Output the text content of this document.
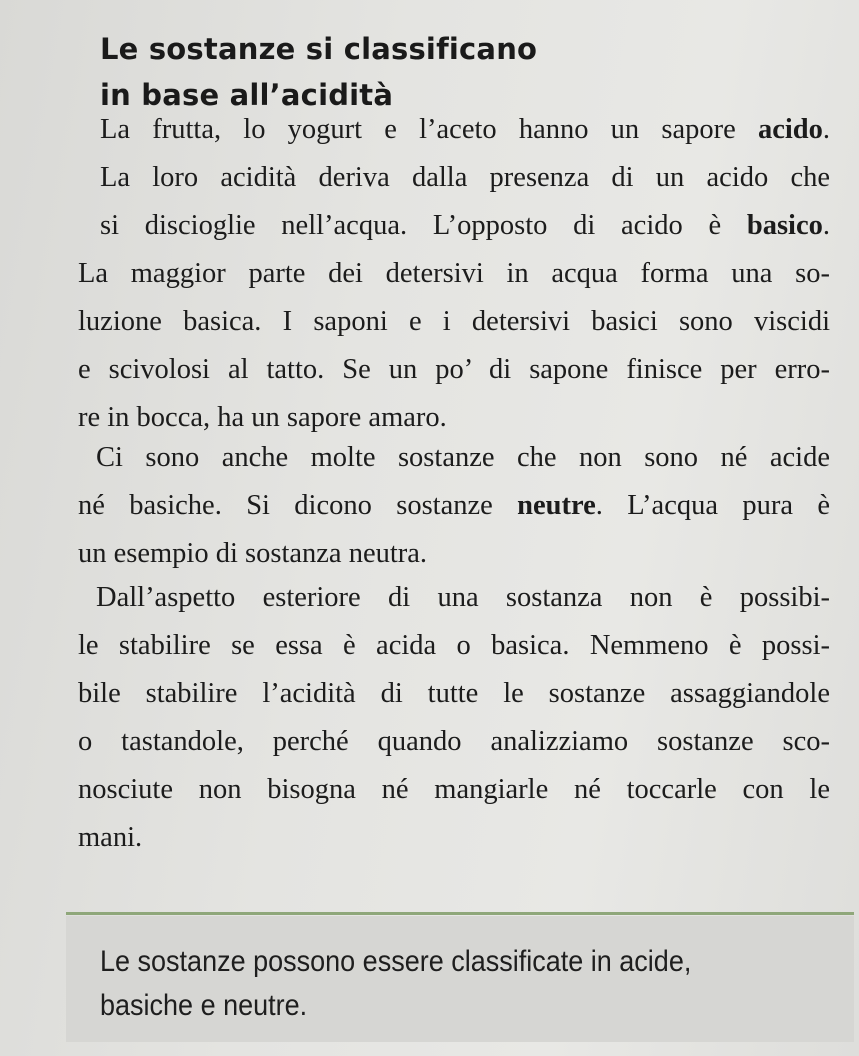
Le sostanze si classificano
in base all’acidità
La frutta, lo yogurt e l’aceto hanno un sapore acido.
La loro acidità deriva dalla presenza di un acido che
si discioglie nell’acqua. L’opposto di acido è basico.
La maggior parte dei detersivi in acqua forma una so-
luzione basica. I saponi e i detersivi basici sono viscidi
e scivolosi al tatto. Se un po’ di sapone finisce per erro-
re in bocca, ha un sapore amaro.
Ci sono anche molte sostanze che non sono né acide
né basiche. Si dicono sostanze neutre. L’acqua pura è
un esempio di sostanza neutra.
Dall’aspetto esteriore di una sostanza non è possibi-
le stabilire se essa è acida o basica. Nemmeno è possi-
bile stabilire l’acidità di tutte le sostanze assaggiandole
o tastandole, perché quando analizziamo sostanze sco-
nosciute non bisogna né mangiarle né toccarle con le
mani.

Le sostanze possono essere classificate in acide,
basiche e neutre.
